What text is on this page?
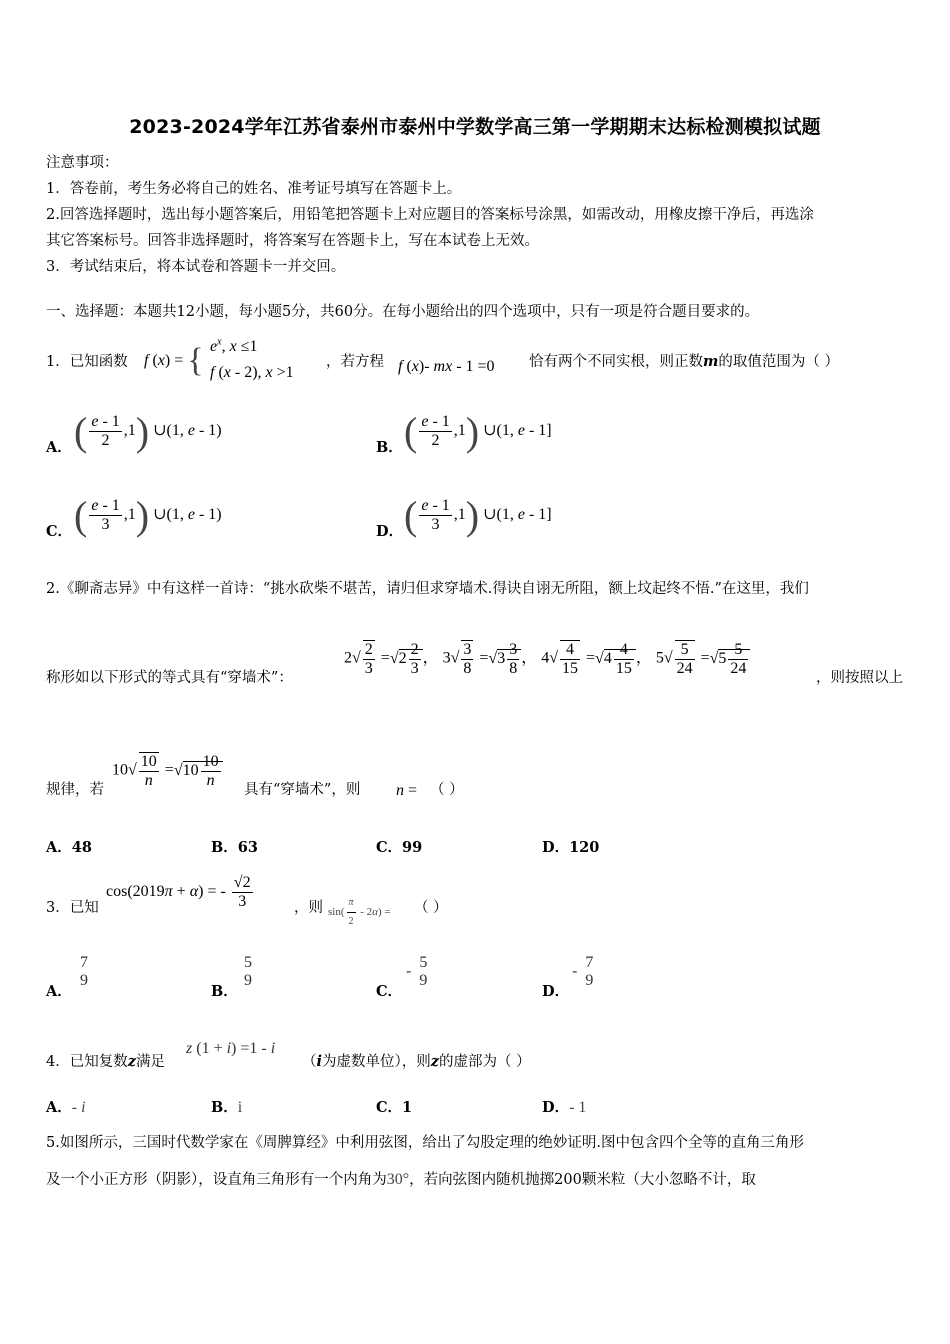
2023-2024学年江苏省泰州市泰州中学数学高三第一学期期末达标检测模拟试题
注意事项：
1．答卷前，考生务必将自己的姓名、准考证号填写在答题卡上。
2.回答选择题时，选出每小题答案后，用铅笔把答题卡上对应题目的答案标号涂黑，如需改动，用橡皮擦干净后，再选涂
其它答案标号。回答非选择题时，将答案写在答题卡上，写在本试卷上无效。
3．考试结束后，将本试卷和答题卡一并交回。
一、选择题：本题共12小题，每小题5分，共60分。在每小题给出的四个选项中，只有一项是符合题目要求的。
1．已知函数 f (x) = { $e^x$, x ≤1
f (x - 2), x >1
，若方程 f (x)- mx - 1 =0 恰有两个不同实根，则正数m的取值范围为（ ）
A． ( $\frac{e - 1}{2} ,1$) ∪(1, e - 1)
B． ( $\frac{e - 1}{2} ,1$) ∪(1, e - 1]
C． ( $\frac{e - 1}{3} ,1$) ∪(1, e - 1)
D． ( $\frac{e - 1}{3} ,1$) ∪(1, e - 1]
2.《聊斋志异》中有这样一首诗：“挑水砍柴不堪苦，请归但求穿墙术.得诀自诩无所阻，额上坟起终不悟.”在这里，我们
称形如以下形式的等式具有“穿墙术”：
$2√ \frac{2}{3} =√2 \frac{2}{3}$ ， $3√ \frac{3}{8} =√3 \frac{3}{8}$ ， $4√ \frac{4}{15} =√4 \frac{4}{15}$ ， $5√ \frac{5}{24} =√5 \frac{5}{24}$
，则按照以上
规律，若
$10√ \frac{10}{n} =√10 \frac{10}{n}$
具有“穿墙术”，则 n = （ ）
A．48	B．63	C．99	D．120
3．已知
cos(2019π + α) = - $\frac{√2}{3}$	，则 $\sin( \frac{\pi}{2} - 2\alpha)$ = （ ）
A．
7
9
B．
5
9
C．
-
5
9
D．
-
7
9
4．已知复数z满足
z (1 + i) =1 - i
（i为虚数单位），则z的虚部为（ ）
A．- i	B．i	C．1	D．- 1
5.如图所示，三国时代数学家在《周脾算经》中利用弦图，给出了勾股定理的绝妙证明.图中包含四个全等的直角三角形
及一个小正方形（阴影），设直角三角形有一个内角为30°，若向弦图内随机抛掷200颗米粒（大小忽略不计，取
